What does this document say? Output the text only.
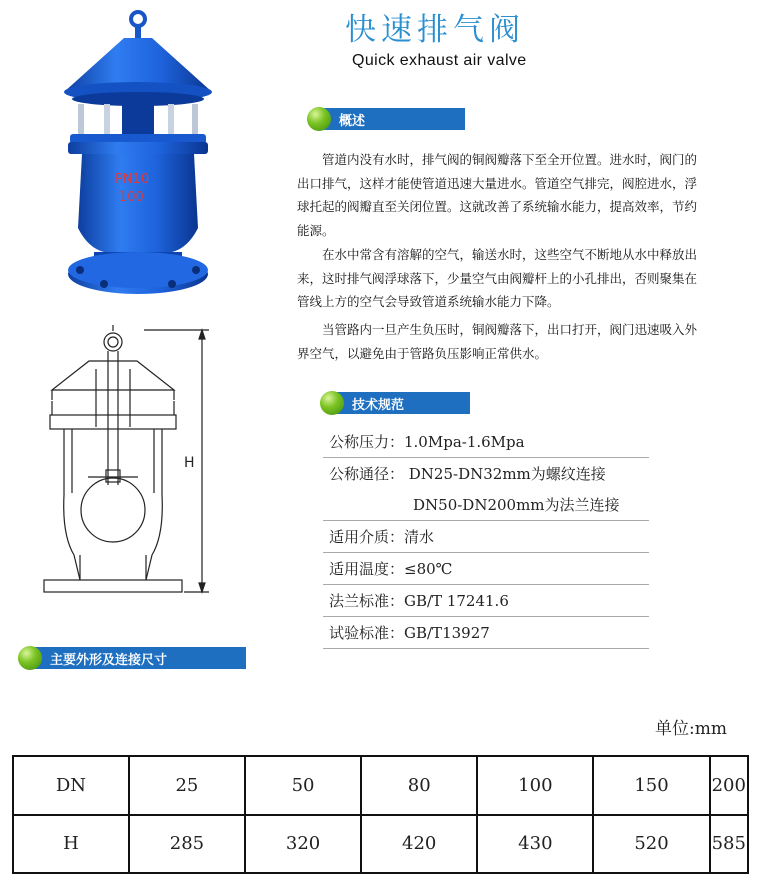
快速排气阀
Quick exhaust air valve
PN10
100
H
概述

管道内没有水时，排气阀的铜阀瓣落下至全开位置。进水时，阀门的出口排气，这样才能使管道迅速大量进水。管道空气排完，阀腔进水，浮球托起的阀瓣直至关闭位置。这就改善了系统输水能力，提高效率，节约能源。

在水中常含有溶解的空气，输送水时，这些空气不断地从水中释放出来，这时排气阀浮球落下，少量空气由阀瓣杆上的小孔排出，否则聚集在管线上方的空气会导致管道系统输水能力下降。

当管路内一旦产生负压时，铜阀瓣落下，出口打开，阀门迅速吸入外界空气，以避免由于管路负压影响正常供水。

技术规范
公称压力：1.0Mpa-1.6Mpa
公称通径： DN25-DN32mm为螺纹连接
DN50-DN200mm为法兰连接
适用介质：清水
适用温度：≤80℃
法兰标准：GB/T 17241.6
试验标准：GB/T13927
主要外形及连接尺寸
单位:mm
DN	25	50	80	100	150	200
H	285	320	420	430	520	585
